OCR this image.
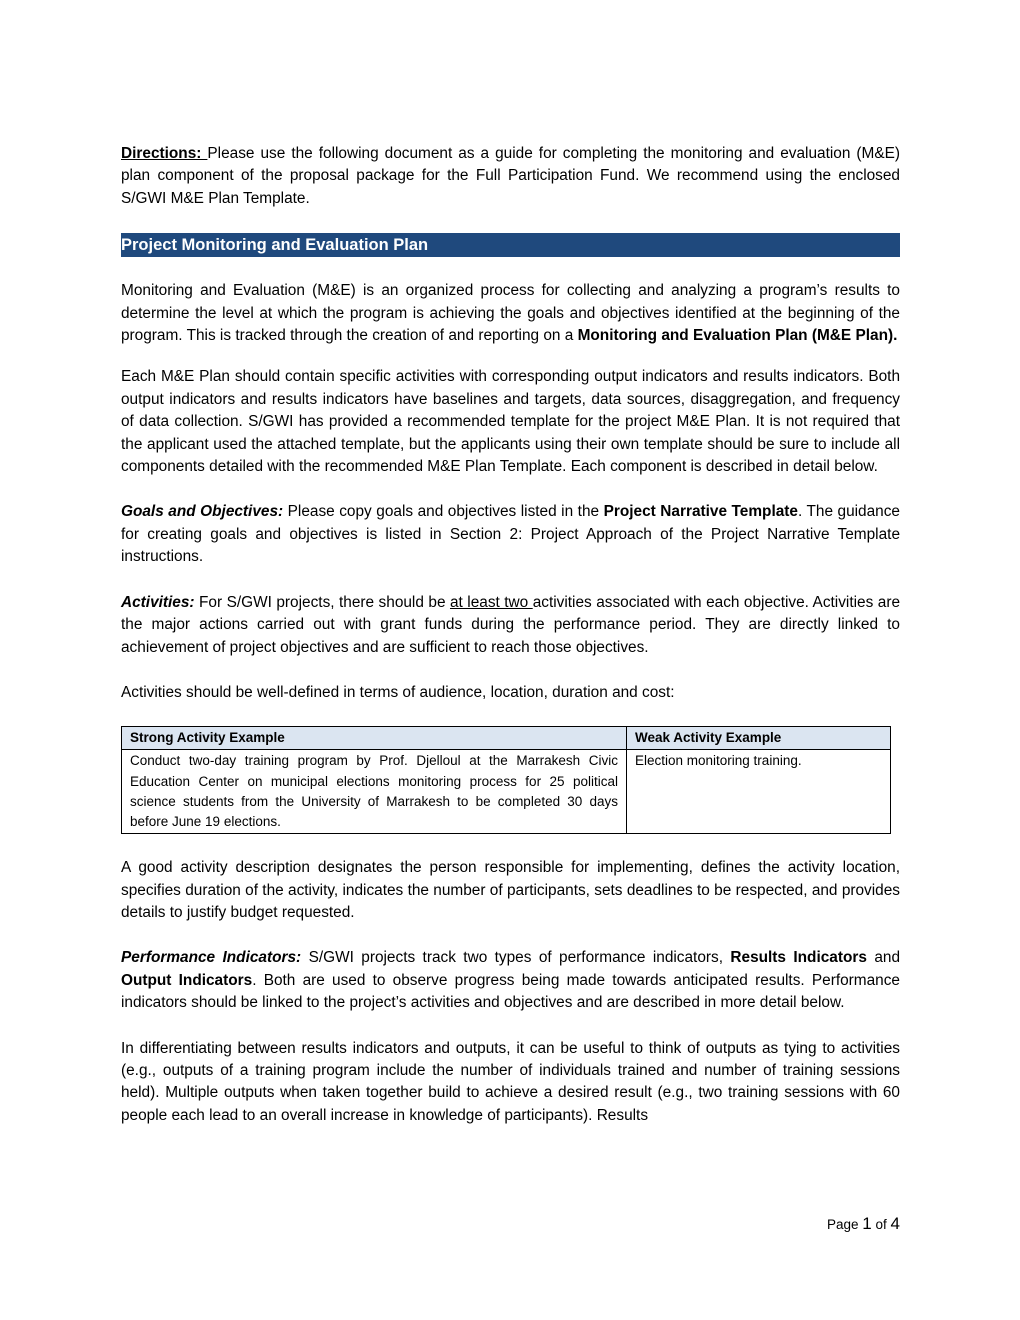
Directions: Please use the following document as a guide for completing the monitoring and evaluation (M&E) plan component of the proposal package for the Full Participation Fund. We recommend using the enclosed S/GWI M&E Plan Template.

Project Monitoring and Evaluation Plan

Monitoring and Evaluation (M&E) is an organized process for collecting and analyzing a program’s results to determine the level at which the program is achieving the goals and objectives identified at the beginning of the program. This is tracked through the creation of and reporting on a Monitoring and Evaluation Plan (M&E Plan).

Each M&E Plan should contain specific activities with corresponding output indicators and results indicators. Both output indicators and results indicators have baselines and targets, data sources, disaggregation, and frequency of data collection. S/GWI has provided a recommended template for the project M&E Plan. It is not required that the applicant used the attached template, but the applicants using their own template should be sure to include all components detailed with the recommended M&E Plan Template. Each component is described in detail below.

Goals and Objectives: Please copy goals and objectives listed in the Project Narrative Template. The guidance for creating goals and objectives is listed in Section 2: Project Approach of the Project Narrative Template instructions.

Activities: For S/GWI projects, there should be at least two activities associated with each objective. Activities are the major actions carried out with grant funds during the performance period. They are directly linked to achievement of project objectives and are sufficient to reach those objectives.

Activities should be well-defined in terms of audience, location, duration and cost:

Strong Activity Example	Weak Activity Example
Conduct two-day training program by Prof. Djelloul at the Marrakesh Civic Education Center on municipal elections monitoring process for 25 political science students from the University of Marrakesh to be completed 30 days before June 19 elections.	Election monitoring training.

A good activity description designates the person responsible for implementing, defines the activity location, specifies duration of the activity, indicates the number of participants, sets deadlines to be respected, and provides details to justify budget requested.

Performance Indicators: S/GWI projects track two types of performance indicators, Results Indicators and Output Indicators. Both are used to observe progress being made towards anticipated results. Performance indicators should be linked to the project’s activities and objectives and are described in more detail below.

In differentiating between results indicators and outputs, it can be useful to think of outputs as tying to activities (e.g., outputs of a training program include the number of individuals trained and number of training sessions held). Multiple outputs when taken together build to achieve a desired result (e.g., two training sessions with 60 people each lead to an overall increase in knowledge of participants). Results

Page 1 of 4
